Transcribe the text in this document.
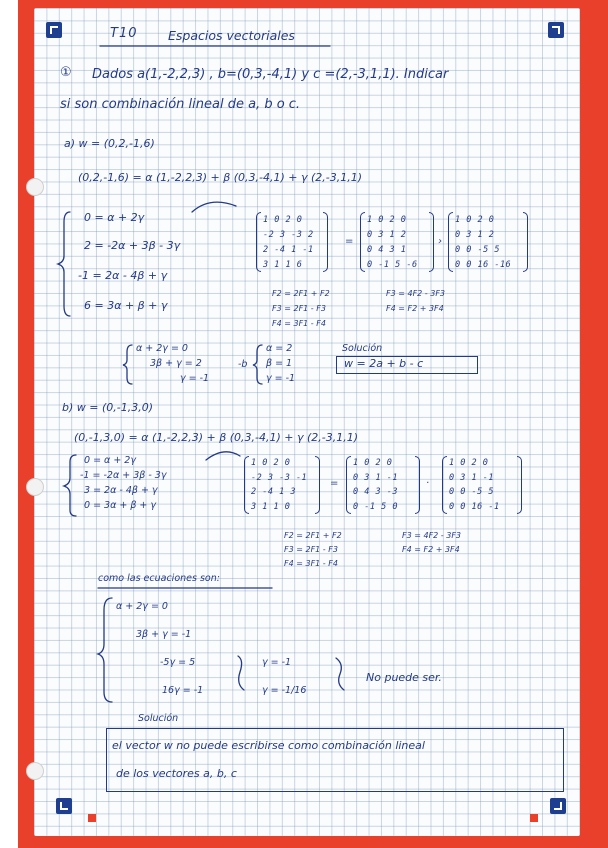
T10 Espacios vectoriales
① Dados a(1,-2,2,3) , b=(0,3,-4,1) y c =(2,-3,1,1). Indicar
si son combinación lineal de a, b o c.
a) w = (0,2,-1,6)
(0,2,-1,6) = α (1,-2,2,3) + β (0,3,-4,1) + γ (2,-3,1,1)
0 = α + 2γ
2 = -2α + 3β - 3γ
-1 = 2α - 4β + γ
6 = 3α + β + γ
1 0 2 0
-2 3 -3 2
2 -4 1 -1
3 1 1 6
=
1 0 2 0
0 3 1 2
0 4 3 1
0 -1 5 -6
›
1 0 2 0
0 3 1 2
0 0 -5 5
0 0 16 -16
F2 = 2F1 + F2
F3 = 2F1 - F3
F4 = 3F1 - F4
F3 = 4F2 - 3F3
F4 = F2 + 3F4
α + 2γ = 0
3β + γ = 2
γ = -1
-b
α = 2
β = 1
γ = -1
Solución
w = 2a + b - c
b) w = (0,-1,3,0)
(0,-1,3,0) = α (1,-2,2,3) + β (0,3,-4,1) + γ (2,-3,1,1)
0 = α + 2γ
-1 = -2α + 3β - 3γ
3 = 2α - 4β + γ
0 = 3α + β + γ
1 0 2 0
-2 3 -3 -1
2 -4 1 3
3 1 1 0
=
1 0 2 0
0 3 1 -1
0 4 3 -3
0 -1 5 0
·
1 0 2 0
0 3 1 -1
0 0 -5 5
0 0 16 -1
F2 = 2F1 + F2
F3 = 2F1 - F3
F4 = 3F1 - F4
F3 = 4F2 - 3F3
F4 = F2 + 3F4
como las ecuaciones son:
α + 2γ = 0
3β + γ = -1
-5γ = 5
16γ = -1
γ = -1
γ = -1/16
No puede ser.
Solución
el vector w no puede escribirse como combinación lineal
de los vectores a, b, c
